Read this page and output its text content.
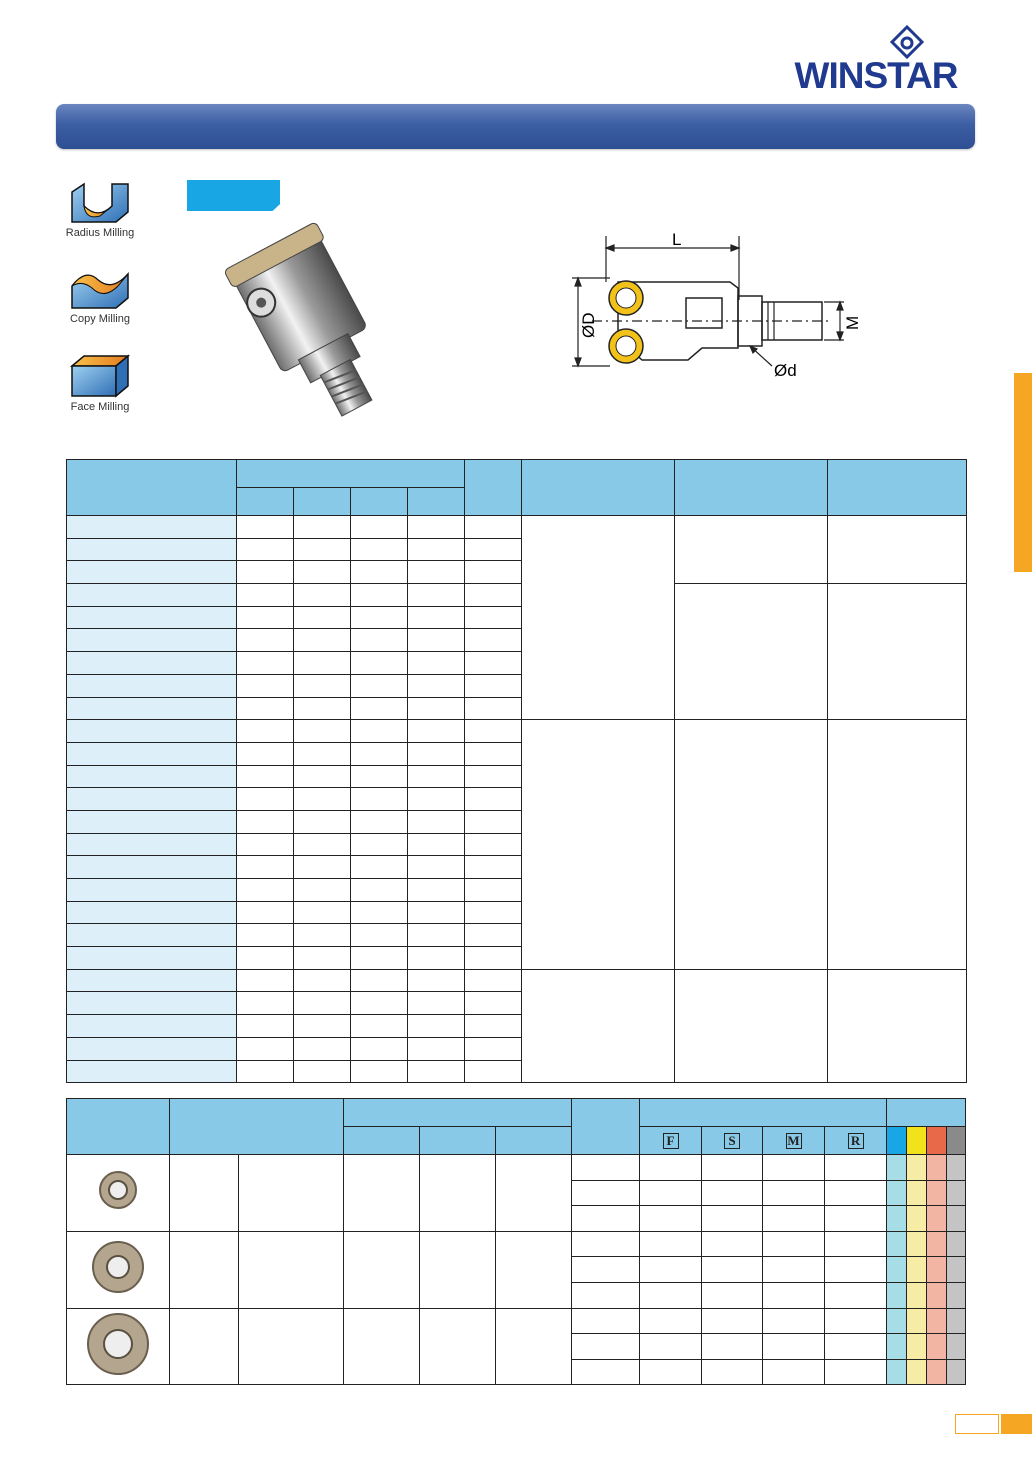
WINSTAR
Radius Milling
Copy Milling
Face Milling
L
ØD	M
Ød

							F	S	M	R				
